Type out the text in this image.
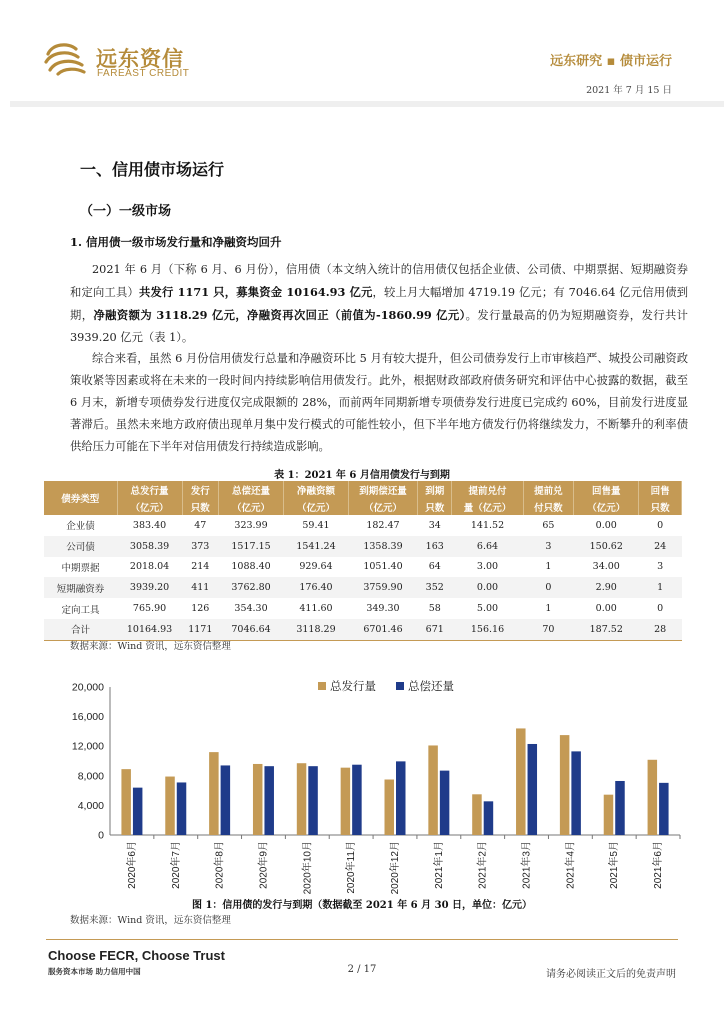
远东资信
FAREAST CREDIT
远东研究 ▪ 债市运行
2021 年 7 月 15 日
一、信用债市场运行
（一）一级市场
1. 信用债一级市场发行量和净融资均回升
2021 年 6 月（下称 6 月、6 月份），信用债（本文纳入统计的信用债仅包括企业债、公司债、中期票据、短期融资券和定向工具）共发行 1171 只，募集资金 10164.93 亿元，较上月大幅增加 4719.19 亿元；有 7046.64 亿元信用债到期，净融资额为 3118.29 亿元，净融资再次回正（前值为-1860.99 亿元）。发行量最高的仍为短期融资券，发行共计 3939.20 亿元（表 1）。
综合来看，虽然 6 月份信用债发行总量和净融资环比 5 月有较大提升，但公司债券发行上市审核趋严、城投公司融资政策收紧等因素或将在未来的一段时间内持续影响信用债发行。此外，根据财政部政府债务研究和评估中心披露的数据，截至 6 月末，新增专项债券发行进度仅完成限额的 28%，而前两年同期新增专项债券发行进度已完成约 60%，目前发行进度显著滞后。虽然未来地方政府债出现单月集中发行模式的可能性较小，但下半年地方债发行仍将继续发力，不断攀升的利率债供给压力可能在下半年对信用债发行持续造成影响。
表 1：2021 年 6 月信用债发行与到期
债券类型	总发行量	发行	总偿还量	净融资额	到期偿还量	到期	提前兑付	提前兑	回售量	回售
	（亿元）	只数	（亿元）	（亿元）	（亿元）	只数	量（亿元）	付只数	（亿元）	只数
企业债	383.40	47	323.99	59.41	182.47	34	141.52	65	0.00	0
公司债	3058.39	373	1517.15	1541.24	1358.39	163	6.64	3	150.62	24
中期票据	2018.04	214	1088.40	929.64	1051.40	64	3.00	1	34.00	3
短期融资券	3939.20	411	3762.80	176.40	3759.90	352	0.00	0	2.90	1
定向工具	765.90	126	354.30	411.60	349.30	58	5.00	1	0.00	0
合计	10164.93	1171	7046.64	3118.29	6701.46	671	156.16	70	187.52	28
数据来源：Wind 资讯，远东资信整理
0
4,000
8,000
12,000
16,000
20,000
2020年6月	2020年7月	2020年8月	2020年9月	2020年10月	2020年11月	2020年12月	2021年1月	2021年2月	2021年3月	2021年4月	2021年5月	2021年6月
总发行量	总偿还量
图 1：信用债的发行与到期（数据截至 2021 年 6 月 30 日，单位：亿元）
数据来源：Wind 资讯，远东资信整理
Choose FECR, Choose Trust
服务资本市场 助力信用中国	2 / 17	请务必阅读正文后的免责声明
